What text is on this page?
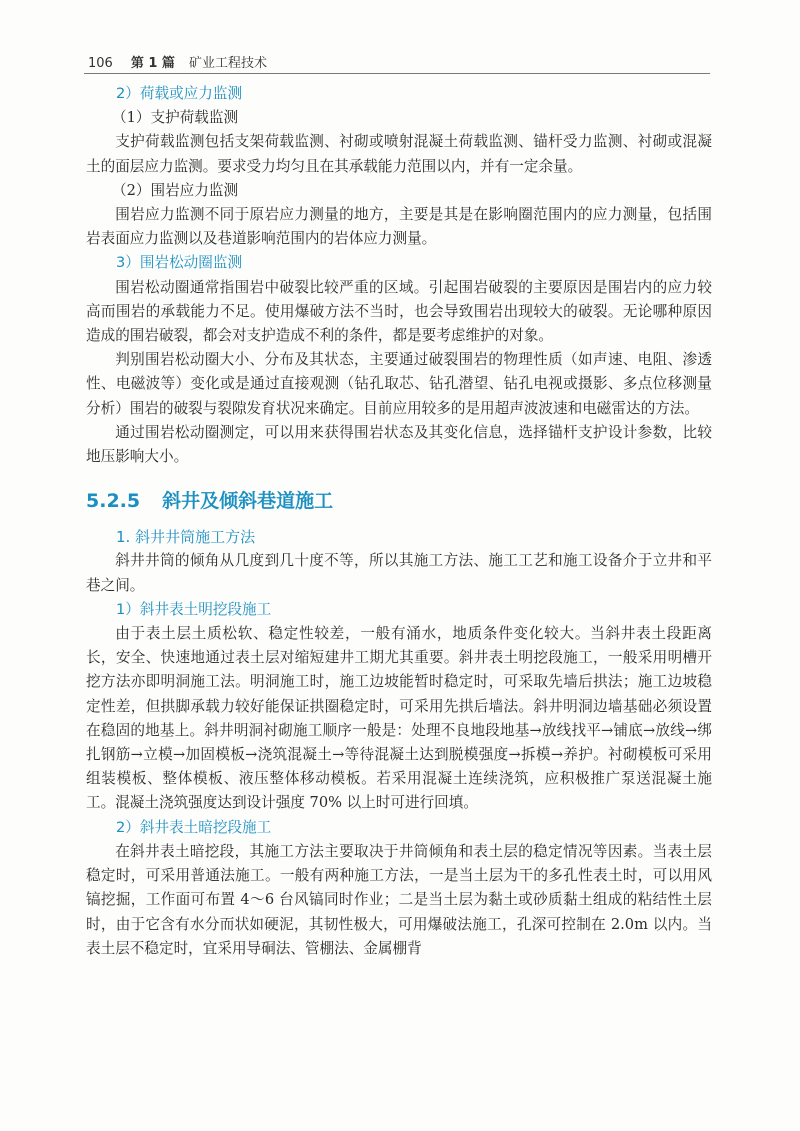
106 第 1 篇 矿业工程技术

2）荷载或应力监测

（1）支护荷载监测

支护荷载监测包括支架荷载监测、衬砌或喷射混凝土荷载监测、锚杆受力监测、衬砌或混凝土的面层应力监测。要求受力均匀且在其承载能力范围以内，并有一定余量。

（2）围岩应力监测

围岩应力监测不同于原岩应力测量的地方，主要是其是在影响圈范围内的应力测量，包括围岩表面应力监测以及巷道影响范围内的岩体应力测量。

3）围岩松动圈监测

围岩松动圈通常指围岩中破裂比较严重的区域。引起围岩破裂的主要原因是围岩内的应力较高而围岩的承载能力不足。使用爆破方法不当时，也会导致围岩出现较大的破裂。无论哪种原因造成的围岩破裂，都会对支护造成不利的条件，都是要考虑维护的对象。

判别围岩松动圈大小、分布及其状态，主要通过破裂围岩的物理性质（如声速、电阻、渗透性、电磁波等）变化或是通过直接观测（钻孔取芯、钻孔潜望、钻孔电视或摄影、多点位移测量分析）围岩的破裂与裂隙发育状况来确定。目前应用较多的是用超声波波速和电磁雷达的方法。

通过围岩松动圈测定，可以用来获得围岩状态及其变化信息，选择锚杆支护设计参数，比较地压影响大小。

5.2.5 斜井及倾斜巷道施工

1. 斜井井筒施工方法

斜井井筒的倾角从几度到几十度不等，所以其施工方法、施工工艺和施工设备介于立井和平巷之间。

1）斜井表土明挖段施工

由于表土层土质松软、稳定性较差，一般有涌水，地质条件变化较大。当斜井表土段距离长，安全、快速地通过表土层对缩短建井工期尤其重要。斜井表土明挖段施工，一般采用明槽开挖方法亦即明洞施工法。明洞施工时，施工边坡能暂时稳定时，可采取先墙后拱法；施工边坡稳定性差，但拱脚承载力较好能保证拱圈稳定时，可采用先拱后墙法。斜井明洞边墙基础必须设置在稳固的地基上。斜井明洞衬砌施工顺序一般是：处理不良地段地基→放线找平→铺底→放线→绑扎钢筋→立模→加固模板→浇筑混凝土→等待混凝土达到脱模强度→拆模→养护。衬砌模板可采用组装模板、整体模板、液压整体移动模板。若采用混凝土连续浇筑，应积极推广泵送混凝土施工。混凝土浇筑强度达到设计强度 70% 以上时可进行回填。

2）斜井表土暗挖段施工

在斜井表土暗挖段，其施工方法主要取决于井筒倾角和表土层的稳定情况等因素。当表土层稳定时，可采用普通法施工。一般有两种施工方法，一是当土层为干的多孔性表土时，可以用风镐挖掘，工作面可布置 4～6 台风镐同时作业；二是当土层为黏土或砂质黏土组成的粘结性土层时，由于它含有水分而状如硬泥，其韧性极大，可用爆破法施工，孔深可控制在 2.0m 以内。当表土层不稳定时，宜采用导硐法、管棚法、金属棚背
